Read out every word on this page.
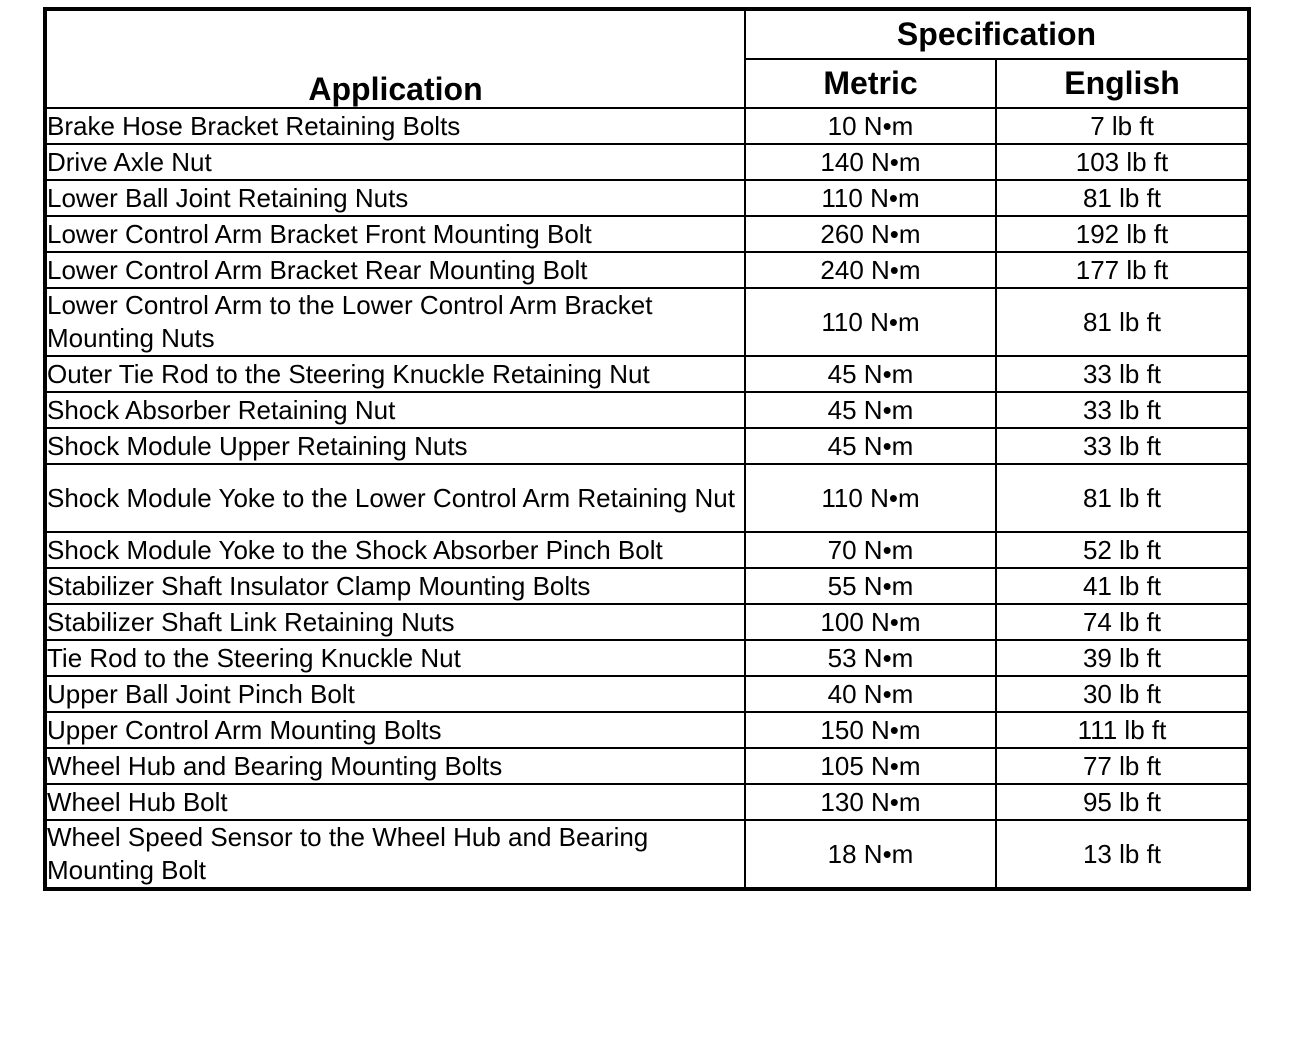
Application	Specification	
	Metric	English
Brake Hose Bracket Retaining Bolts	10 N•m	7 lb ft
Drive Axle Nut	140 N•m	103 lb ft
Lower Ball Joint Retaining Nuts	110 N•m	81 lb ft
Lower Control Arm Bracket Front Mounting Bolt	260 N•m	192 lb ft
Lower Control Arm Bracket Rear Mounting Bolt	240 N•m	177 lb ft
Lower Control Arm to the Lower Control Arm Bracket Mounting Nuts	110 N•m	81 lb ft
Outer Tie Rod to the Steering Knuckle Retaining Nut	45 N•m	33 lb ft
Shock Absorber Retaining Nut	45 N•m	33 lb ft
Shock Module Upper Retaining Nuts	45 N•m	33 lb ft
Shock Module Yoke to the Lower Control Arm Retaining Nut	110 N•m	81 lb ft
Shock Module Yoke to the Shock Absorber Pinch Bolt	70 N•m	52 lb ft
Stabilizer Shaft Insulator Clamp Mounting Bolts	55 N•m	41 lb ft
Stabilizer Shaft Link Retaining Nuts	100 N•m	74 lb ft
Tie Rod to the Steering Knuckle Nut	53 N•m	39 lb ft
Upper Ball Joint Pinch Bolt	40 N•m	30 lb ft
Upper Control Arm Mounting Bolts	150 N•m	111 lb ft
Wheel Hub and Bearing Mounting Bolts	105 N•m	77 lb ft
Wheel Hub Bolt	130 N•m	95 lb ft
Wheel Speed Sensor to the Wheel Hub and Bearing Mounting Bolt	18 N•m	13 lb ft
